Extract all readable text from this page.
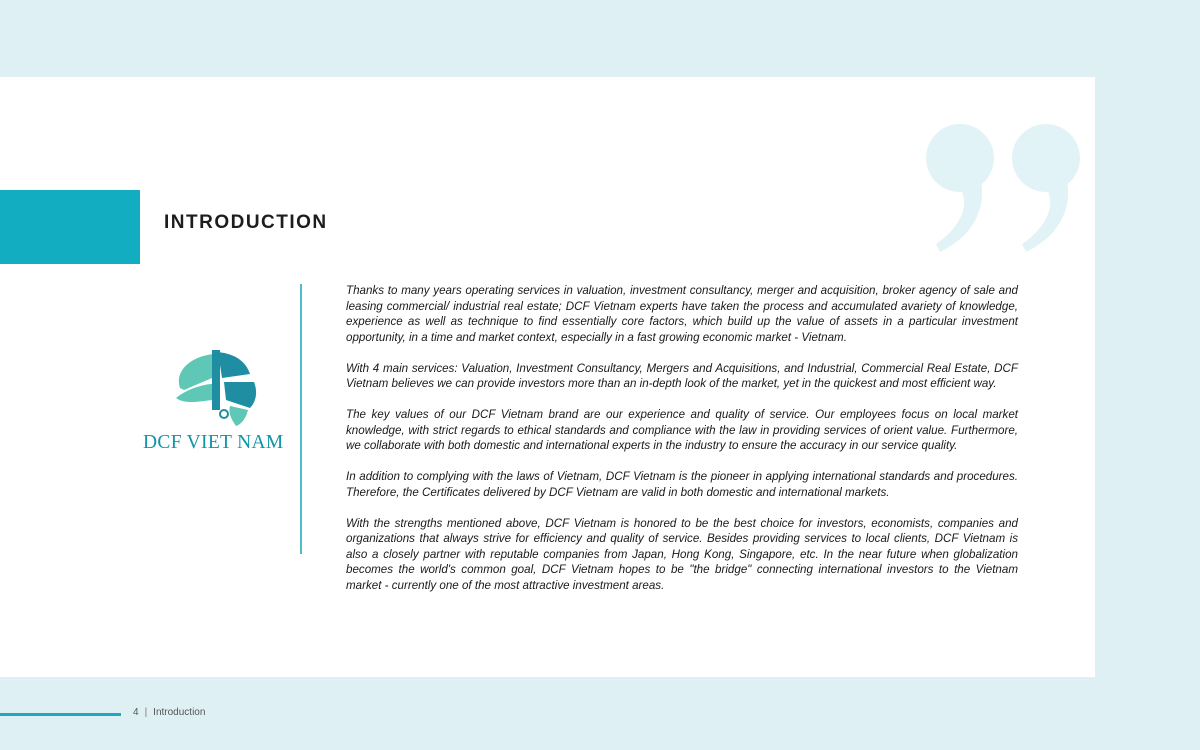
INTRODUCTION
DCF VIET NAM

Thanks to many years operating services in valuation, investment consultancy, merger and acquisition, broker agency of sale and leasing commercial/ industrial real estate; DCF Vietnam experts have taken the process and accumulated avariety of knowledge, experience as well as technique to find essentially core factors, which build up the value of assets in a particular investment opportunity, in a time and market context, especially in a fast growing economic market - Vietnam.

With 4 main services: Valuation, Investment Consultancy, Mergers and Acquisitions, and Industrial, Commercial Real Estate, DCF Vietnam believes we can provide investors more than an in-depth look of the market, yet in the quickest and most efficient way.

The key values of our DCF Vietnam brand are our experience and quality of service. Our employees focus on local market knowledge, with strict regards to ethical standards and compliance with the law in providing services of orient value. Furthermore, we collaborate with both domestic and international experts in the industry to ensure the accuracy in our service quality.

In addition to complying with the laws of Vietnam, DCF Vietnam is the pioneer in applying international standards and procedures. Therefore, the Certificates delivered by DCF Vietnam are valid in both domestic and international markets.

With the strengths mentioned above, DCF Vietnam is honored to be the best choice for investors, economists, companies and organizations that always strive for efficiency and quality of service. Besides providing services to local clients, DCF Vietnam is also a closely partner with reputable companies from Japan, Hong Kong, Singapore, etc. In the near future when globalization becomes the world's common goal, DCF Vietnam hopes to be "the bridge" connecting international investors to the Vietnam market - currently one of the most attractive investment areas.

4 | Introduction
